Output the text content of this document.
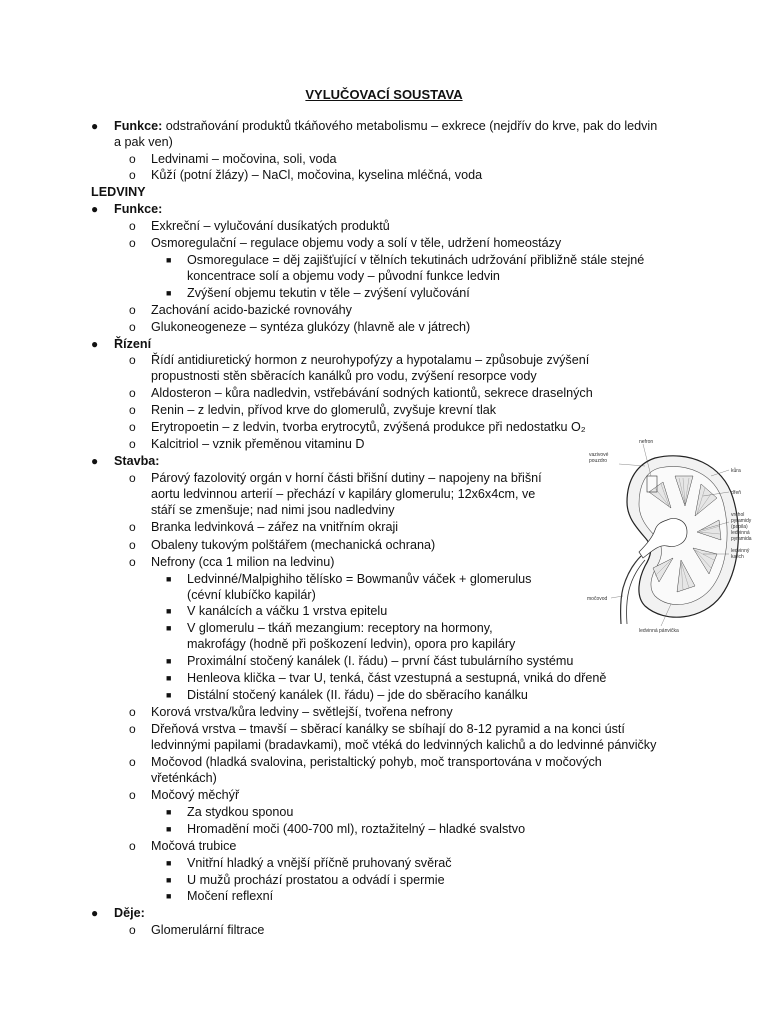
VYLUČOVACÍ SOUSTAVA
● Funkce: odstraňování produktů tkáňového metabolismu – exkrece (nejdřív do krve, pak do ledvin
a pak ven)
o Ledvinami – močovina, soli, voda
o Kůží (potní žlázy) – NaCl, močovina, kyselina mléčná, voda
LEDVINY
● Funkce:
o Exkreční – vylučování dusíkatých produktů
o Osmoregulační – regulace objemu vody a solí v těle, udržení homeostázy
■ Osmoregulace = děj zajišťující v tělních tekutinách udržování přibližně stále stejné
koncentrace solí a objemu vody – původní funkce ledvin
■ Zvýšení objemu tekutin v těle – zvýšení vylučování
o Zachování acido-bazické rovnováhy
o Glukoneogeneze – syntéza glukózy (hlavně ale v játrech)
● Řízení
o Řídí antidiuretický hormon z neurohypofýzy a hypotalamu – způsobuje zvýšení
propustnosti stěn sběracích kanálků pro vodu, zvýšení resorpce vody
o Aldosteron – kůra nadledvin, vstřebávání sodných kationtů, sekrece draselných
o Renin – z ledvin, přívod krve do glomerulů, zvyšuje krevní tlak
o Erytropoetin – z ledvin, tvorba erytrocytů, zvýšená produkce při nedostatku O₂
o Kalcitriol – vznik přeměnou vitaminu D
● Stavba:
o Párový fazolovitý orgán v horní části břišní dutiny – napojeny na břišní
aortu ledvinnou arterií – přechází v kapiláry glomerulu; 12x6x4cm, ve
stáří se zmenšuje; nad nimi jsou nadledviny
o Branka ledvinková – zářez na vnitřním okraji
o Obaleny tukovým polštářem (mechanická ochrana)
o Nefrony (cca 1 milion na ledvinu)
■ Ledvinné/Malpighiho tělísko = Bowmanův váček + glomerulus
(cévní klubíčko kapilár)
■ V kanálcích a váčku 1 vrstva epitelu
■ V glomerulu – tkáň mezangium: receptory na hormony,
makrofágy (hodně při poškození ledvin), opora pro kapiláry
■ Proximální stočený kanálek (I. řádu) – první část tubulárního systému
■ Henleova klička – tvar U, tenká, část vzestupná a sestupná, vniká do dřeně
■ Distální stočený kanálek (II. řádu) – jde do sběracího kanálku
o Korová vrstva/kůra ledviny – světlejší, tvořena nefrony
o Dřeňová vrstva – tmavší – sběrací kanálky se sbíhají do 8-12 pyramid a na konci ústí
ledvinnými papilami (bradavkami), moč vtéká do ledvinných kalichů a do ledvinné pánvičky
o Močovod (hladká svalovina, peristaltický pohyb, moč transportována v močových
vřeténkách)
o Močový měchýř
■ Za stydkou sponou
■ Hromadění moči (400-700 ml), roztažitelný – hladké svalstvo
o Močová trubice
■ Vnitřní hladký a vnější příčně pruhovaný svěrač
■ U mužů prochází prostatou a odvádí i spermie
■ Močení reflexní
● Děje:
o Glomerulární filtrace
nefron
vazivové
pouzdro
kůra
dřeň
vrchol
pyramidy
(papila)
ledvinná
pyramida
ledvinný
kalich
močovod
ledvinná pánvička
